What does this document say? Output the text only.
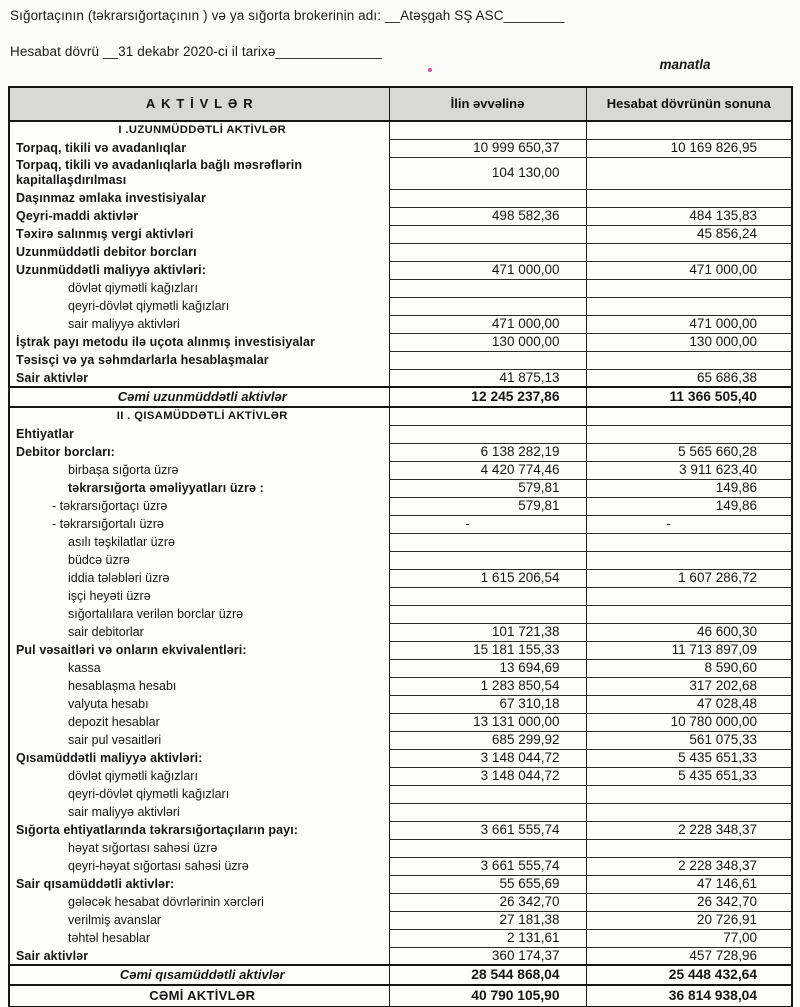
Sığortaçının (təkrarsığortaçının ) və ya sığorta brokerinin adı: __Atəşgah SŞ ASC________
Hesabat dövrü __31 dekabr 2020-ci il tarixə______________
manatla
AKTİVLƏR	İlin əvvəlinə	Hesabat dövrünün sonuna
I .UZUNMÜDDƏTLİ AKTİVLƏR		
Torpaq, tikili və avadanlıqlar	10 999 650,37	10 169 826,95
Torpaq, tikili və avadanlıqlarla bağlı məsrəflərin kapitallaşdırılması	104 130,00	
Daşınmaz əmlaka investisiyalar		
Qeyri-maddi aktivlər	498 582,36	484 135,83
Təxirə salınmış vergi aktivləri		45 856,24
Uzunmüddətli debitor borcları		
Uzunmüddətli maliyyə aktivləri:	471 000,00	471 000,00
dövlət qiymətli kağızları		
qeyri-dövlət qiymətli kağızları		
sair maliyyə aktivləri	471 000,00	471 000,00
İştrak payı metodu ilə uçota alınmış investisiyalar	130 000,00	130 000,00
Təsisçi və ya səhmdarlarla hesablaşmalar		
Sair aktivlər	41 875,13	65 686,38
Cəmi uzunmüddətli aktivlər	12 245 237,86	11 366 505,40
II . QISAMÜDDƏTLİ AKTİVLƏR		
Ehtiyatlar		
Debitor borcları:	6 138 282,19	5 565 660,28
birbaşa sığorta üzrə	4 420 774,46	3 911 623,40
təkrarsığorta əməliyyatları üzrə :	579,81	149,86
- təkrarsığortaçı üzrə	579,81	149,86
- təkrarsığortalı üzrə	-	-
asılı təşkilatlar üzrə		
büdcə üzrə		
iddia tələbləri üzrə	1 615 206,54	1 607 286,72
işçi heyəti üzrə		
sığortalılara verilən borclar üzrə		
sair debitorlar	101 721,38	46 600,30
Pul vəsaitləri və onların ekvivalentləri:	15 181 155,33	11 713 897,09
kassa	13 694,69	8 590,60
hesablaşma hesabı	1 283 850,54	317 202,68
valyuta hesabı	67 310,18	47 028,48
depozit hesablar	13 131 000,00	10 780 000,00
sair pul vəsaitləri	685 299,92	561 075,33
Qısamüddətli maliyyə aktivləri:	3 148 044,72	5 435 651,33
dövlət qiymətli kağızları	3 148 044,72	5 435 651,33
qeyri-dövlət qiymətli kağızları		
sair maliyyə aktivləri		
Sığorta ehtiyatlarında təkrarsığortaçıların payı:	3 661 555,74	2 228 348,37
həyat sığortası sahəsi üzrə		
qeyri-həyat sığortası sahəsi üzrə	3 661 555,74	2 228 348,37
Sair qısamüddətli aktivlər:	55 655,69	47 146,61
gələcək hesabat dövrlərinin xərcləri	26 342,70	26 342,70
verilmiş avanslar	27 181,38	20 726,91
təhtəl hesablar	2 131,61	77,00
Sair aktivlər	360 174,37	457 728,96
Cəmi qısamüddətli aktivlər	28 544 868,04	25 448 432,64
CƏMİ AKTİVLƏR	40 790 105,90	36 814 938,04
